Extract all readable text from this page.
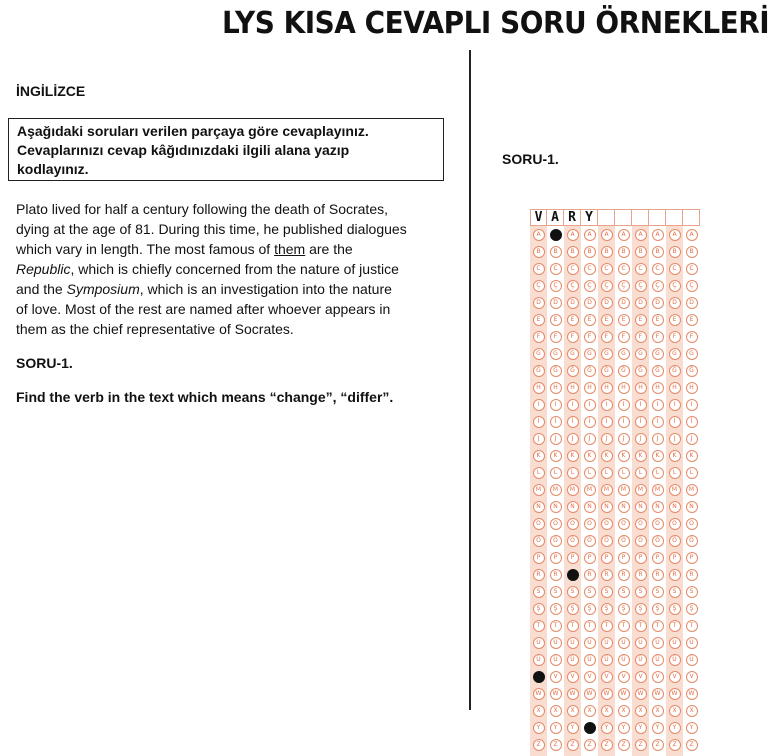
LYS KISA CEVAPLI SORU ÖRNEKLERİ
İNGİLİZCE
Aşağıdaki soruları verilen parçaya göre cevaplayınız.
Cevaplarınızı cevap kâğıdınızdaki ilgili alana yazıp
kodlayınız.
Plato lived for half a century following the death of Socrates,
dying at the age of 81. During this time, he published dialogues
which vary in length. The most famous of them are the
Republic, which is chiefly concerned from the nature of justice
and the Symposium, which is an investigation into the nature
of love. Most of the rest are named after whoever appears in
them as the chief representative of Socrates.
SORU-1.
Find the verb in the text which means “change”, “differ”.
SORU-1.
V A R Y
A
B
C
Ç
D
E
F
G
Ğ
H
I
İ
J
K
L
M
N
O
Ö
P
R
S
Ş
T
U
Ü
V
W
X
Y
Z
A
B
C
Ç
D
E
F
G
Ğ
H
I
İ
J
K
L
M
N
O
Ö
P
R
S
Ş
T
U
Ü
V
W
X
Y
Z
A
B
C
Ç
D
E
F
G
Ğ
H
I
İ
J
K
L
M
N
O
Ö
P
R
S
Ş
T
U
Ü
V
W
X
Y
Z
A
B
C
Ç
D
E
F
G
Ğ
H
I
İ
J
K
L
M
N
O
Ö
P
R
S
Ş
T
U
Ü
V
W
X
Y
Z
A
B
C
Ç
D
E
F
G
Ğ
H
I
İ
J
K
L
M
N
O
Ö
P
R
S
Ş
T
U
Ü
V
W
X
Y
Z
A
B
C
Ç
D
E
F
G
Ğ
H
I
İ
J
K
L
M
N
O
Ö
P
R
S
Ş
T
U
Ü
V
W
X
Y
Z
A
B
C
Ç
D
E
F
G
Ğ
H
I
İ
J
K
L
M
N
O
Ö
P
R
S
Ş
T
U
Ü
V
W
X
Y
Z
A
B
C
Ç
D
E
F
G
Ğ
H
I
İ
J
K
L
M
N
O
Ö
P
R
S
Ş
T
U
Ü
V
W
X
Y
Z
A
B
C
Ç
D
E
F
G
Ğ
H
I
İ
J
K
L
M
N
O
Ö
P
R
S
Ş
T
U
Ü
V
W
X
Y
Z
A
B
C
Ç
D
E
F
G
Ğ
H
I
İ
J
K
L
M
N
O
Ö
P
R
S
Ş
T
U
Ü
V
W
X
Y
Z
